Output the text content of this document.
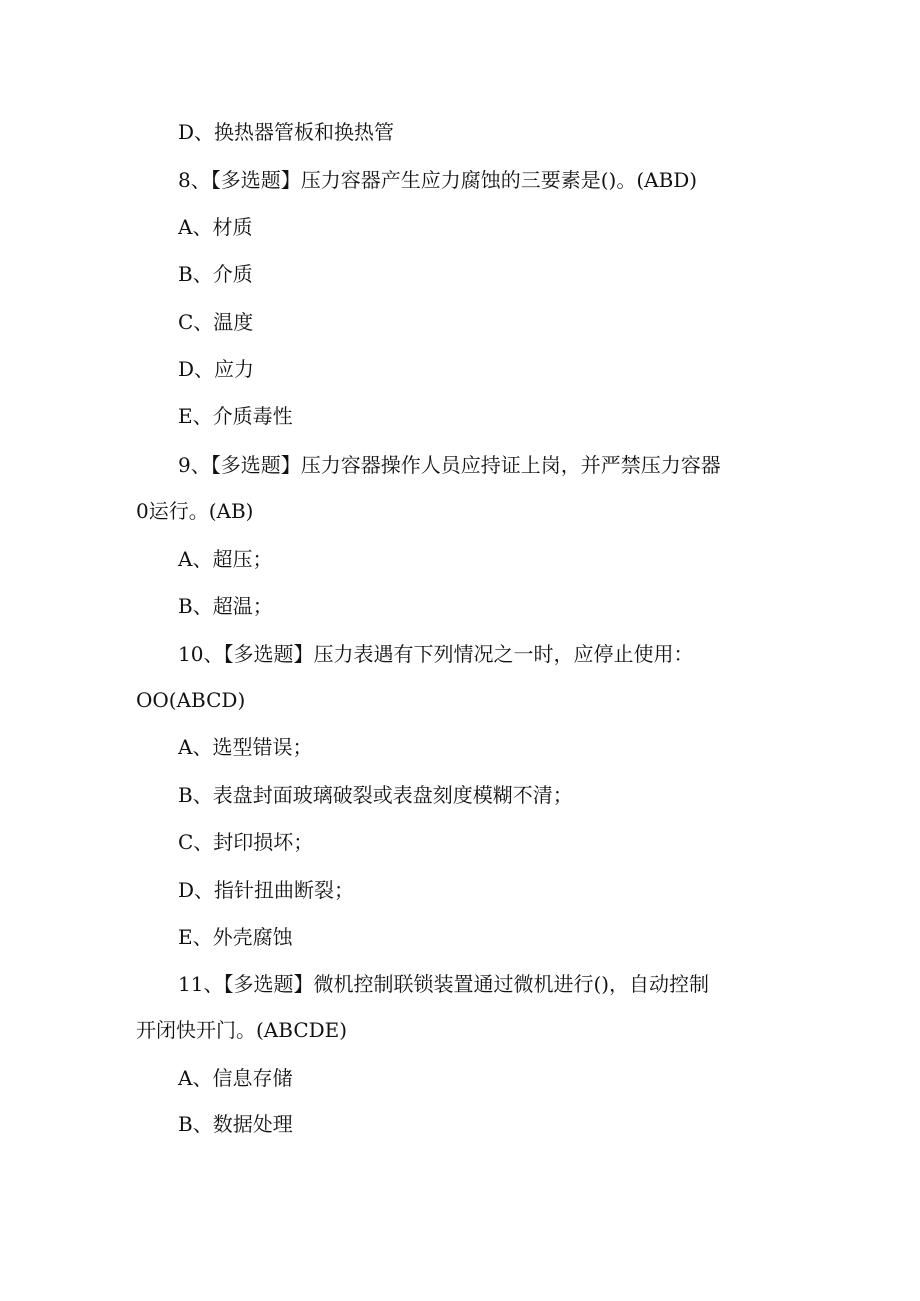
D、换热器管板和换热管
8、【多选题】压力容器产生应力腐蚀的三要素是()。(ABD)
A、材质
B、介质
C、温度
D、应力
E、介质毒性
9、【多选题】压力容器操作人员应持证上岗，并严禁压力容器
0运行。(AB)
A、超压；
B、超温；
10、【多选题】压力表遇有下列情况之一时，应停止使用：
OO(ABCD)
A、选型错误；
B、表盘封面玻璃破裂或表盘刻度模糊不清；
C、封印损坏；
D、指针扭曲断裂；
E、外壳腐蚀
11、【多选题】微机控制联锁装置通过微机进行()，自动控制
开闭快开门。(ABCDE)
A、信息存储
B、数据处理
